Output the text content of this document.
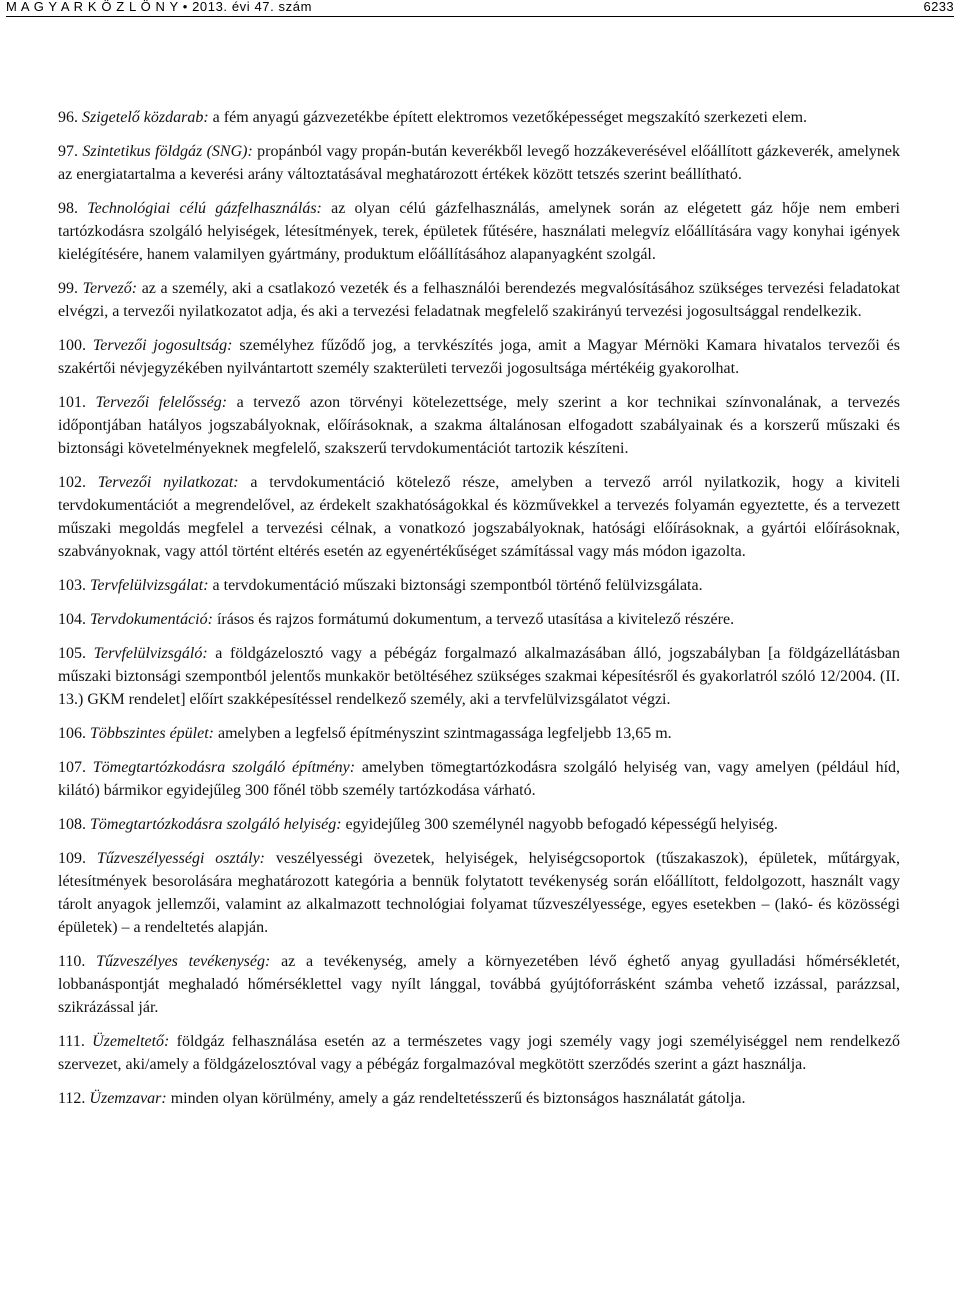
M A G Y A R K Ö Z L Ö N Y • 2013. évi 47. szám	6233

96. Szigetelő közdarab: a fém anyagú gázvezetékbe épített elektromos vezetőképességet megszakító szerkezeti elem.

97. Szintetikus földgáz (SNG): propánból vagy propán-bután keverékből levegő hozzákeverésével előállított gázkeverék, amelynek az energiatartalma a keverési arány változtatásával meghatározott értékek között tetszés szerint beállítható.

98. Technológiai célú gázfelhasználás: az olyan célú gázfelhasználás, amelynek során az elégetett gáz hője nem emberi tartózkodásra szolgáló helyiségek, létesítmények, terek, épületek fűtésére, használati melegvíz előállítására vagy konyhai igények kielégítésére, hanem valamilyen gyártmány, produktum előállításához alapanyagként szolgál.

99. Tervező: az a személy, aki a csatlakozó vezeték és a felhasználói berendezés megvalósításához szükséges tervezési feladatokat elvégzi, a tervezői nyilatkozatot adja, és aki a tervezési feladatnak megfelelő szakirányú tervezési jogosultsággal rendelkezik.

100. Tervezői jogosultság: személyhez fűződő jog, a tervkészítés joga, amit a Magyar Mérnöki Kamara hivatalos tervezői és szakértői névjegyzékében nyilvántartott személy szakterületi tervezői jogosultsága mértékéig gyakorolhat.

101. Tervezői felelősség: a tervező azon törvényi kötelezettsége, mely szerint a kor technikai színvonalának, a tervezés időpontjában hatályos jogszabályoknak, előírásoknak, a szakma általánosan elfogadott szabályainak és a korszerű műszaki és biztonsági követelményeknek megfelelő, szakszerű tervdokumentációt tartozik készíteni.

102. Tervezői nyilatkozat: a tervdokumentáció kötelező része, amelyben a tervező arról nyilatkozik, hogy a kiviteli tervdokumentációt a megrendelővel, az érdekelt szakhatóságokkal és közművekkel a tervezés folyamán egyeztette, és a tervezett műszaki megoldás megfelel a tervezési célnak, a vonatkozó jogszabályoknak, hatósági előírásoknak, a gyártói előírásoknak, szabványoknak, vagy attól történt eltérés esetén az egyenértékűséget számítással vagy más módon igazolta.

103. Tervfelülvizsgálat: a tervdokumentáció műszaki biztonsági szempontból történő felülvizsgálata.

104. Tervdokumentáció: írásos és rajzos formátumú dokumentum, a tervező utasítása a kivitelező részére.

105. Tervfelülvizsgáló: a földgázelosztó vagy a pébégáz forgalmazó alkalmazásában álló, jogszabályban [a földgázellátásban műszaki biztonsági szempontból jelentős munkakör betöltéséhez szükséges szakmai képesítésről és gyakorlatról szóló 12/2004. (II. 13.) GKM rendelet] előírt szakképesítéssel rendelkező személy, aki a tervfelülvizsgálatot végzi.

106. Többszintes épület: amelyben a legfelső építményszint szintmagassága legfeljebb 13,65 m.

107. Tömegtartózkodásra szolgáló építmény: amelyben tömegtartózkodásra szolgáló helyiség van, vagy amelyen (például híd, kilátó) bármikor egyidejűleg 300 főnél több személy tartózkodása várható.

108. Tömegtartózkodásra szolgáló helyiség: egyidejűleg 300 személynél nagyobb befogadó képességű helyiség.

109. Tűzveszélyességi osztály: veszélyességi övezetek, helyiségek, helyiségcsoportok (tűszakaszok), épületek, műtárgyak, létesítmények besorolására meghatározott kategória a bennük folytatott tevékenység során előállított, feldolgozott, használt vagy tárolt anyagok jellemzői, valamint az alkalmazott technológiai folyamat tűzveszélyessége, egyes esetekben – (lakó- és közösségi épületek) – a rendeltetés alapján.

110. Tűzveszélyes tevékenység: az a tevékenység, amely a környezetében lévő éghető anyag gyulladási hőmérsékletét, lobbanáspontját meghaladó hőmérséklettel vagy nyílt lánggal, továbbá gyújtóforrásként számba vehető izzással, parázzsal, szikrázással jár.

111. Üzemeltető: földgáz felhasználása esetén az a természetes vagy jogi személy vagy jogi személyiséggel nem rendelkező szervezet, aki/amely a földgázelosztóval vagy a pébégáz forgalmazóval megkötött szerződés szerint a gázt használja.

112. Üzemzavar: minden olyan körülmény, amely a gáz rendeltetésszerű és biztonságos használatát gátolja.
